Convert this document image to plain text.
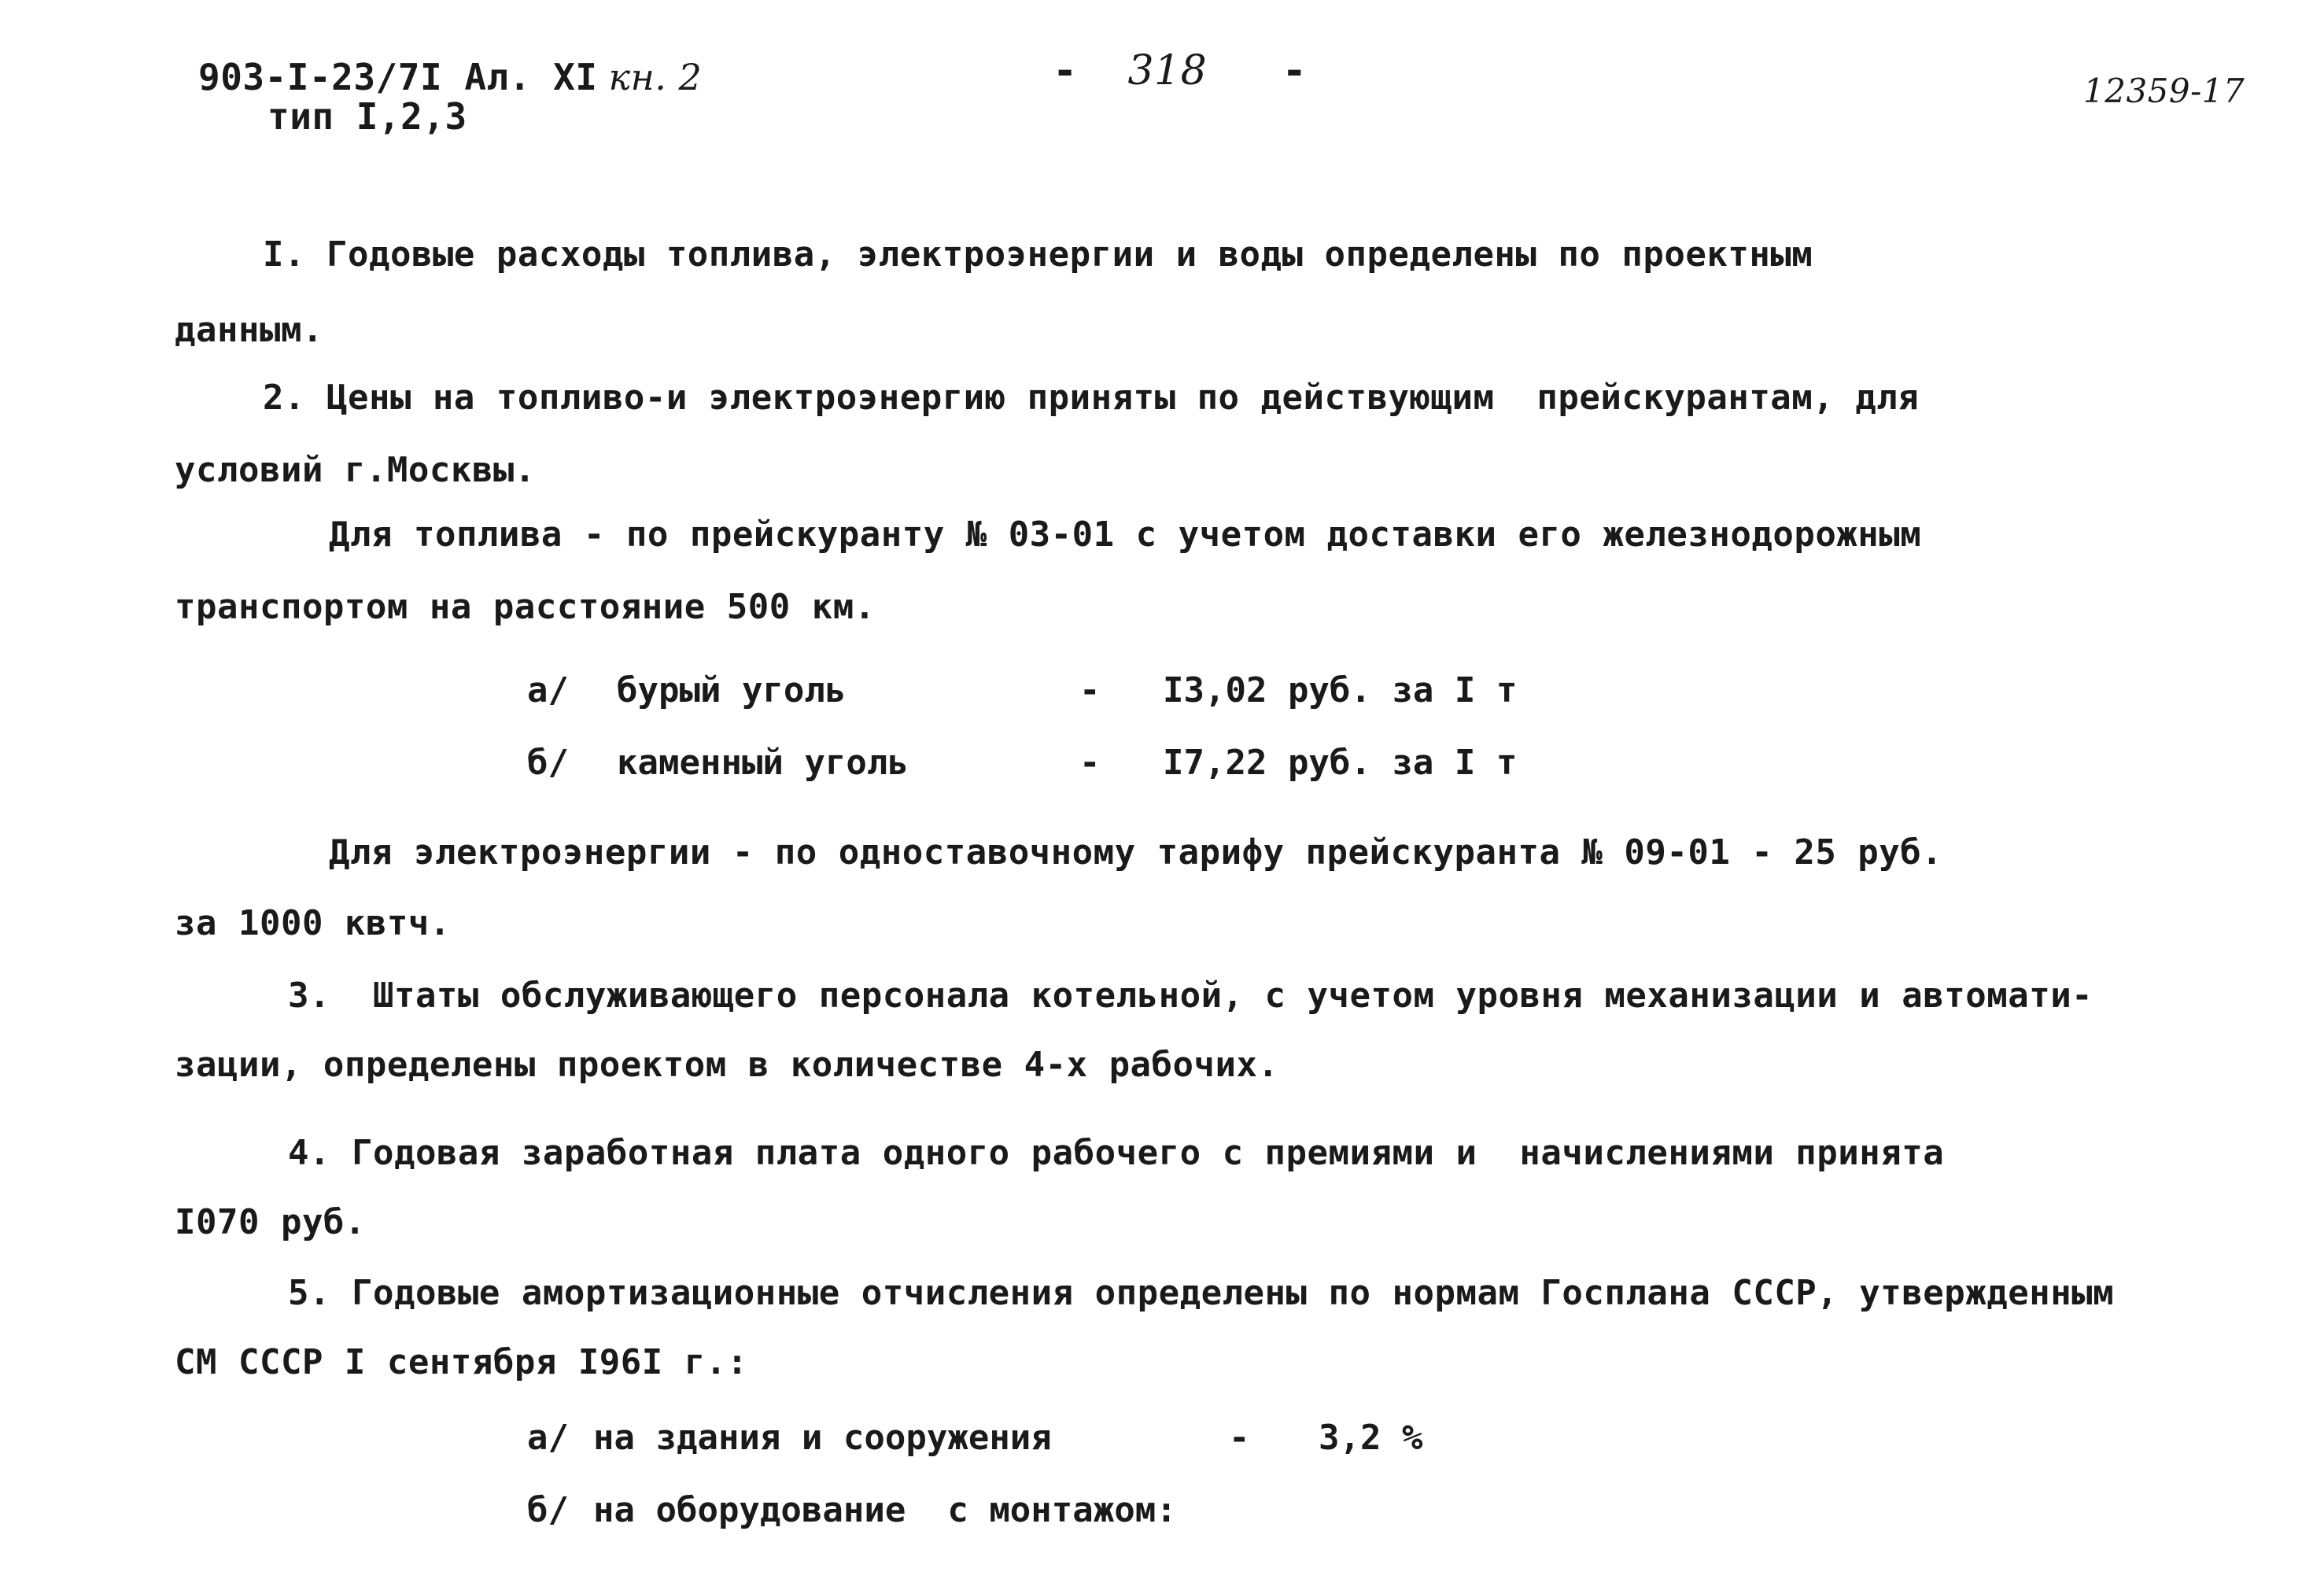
903-I-23/7I Ал. XI кн. 2
тип I,2,3
- 318 -	12359-17
I. Годовые расходы топлива, электроэнергии и воды определены по проектным
данным.
2. Цены на топливо-и электроэнергию приняты по действующим  прейскурантам, для
условий г.Москвы.
Для топлива - по прейскуранту № 03-01 с учетом доставки его железнодорожным
транспортом на расстояние 500 км.
а/ бурый уголь	- I3,02 руб. за I т
б/ каменный уголь	- I7,22 руб. за I т
Для электроэнергии - по одноставочному тарифу прейскуранта № 09-01 - 25 руб.
за 1000 квтч.
3.  Штаты обслуживающего персонала котельной, с учетом уровня механизации и автомати-
зации, определены проектом в количестве 4-х рабочих.
4. Годовая заработная плата одного рабочего с премиями и  начислениями принята
I070 руб.
5. Годовые амортизационные отчисления определены по нормам Госплана СССР, утвержденным
СМ СССР I сентября I96I г.:
а/ на здания и сооружения	- 3,2 %
б/ на оборудование  с монтажом:
